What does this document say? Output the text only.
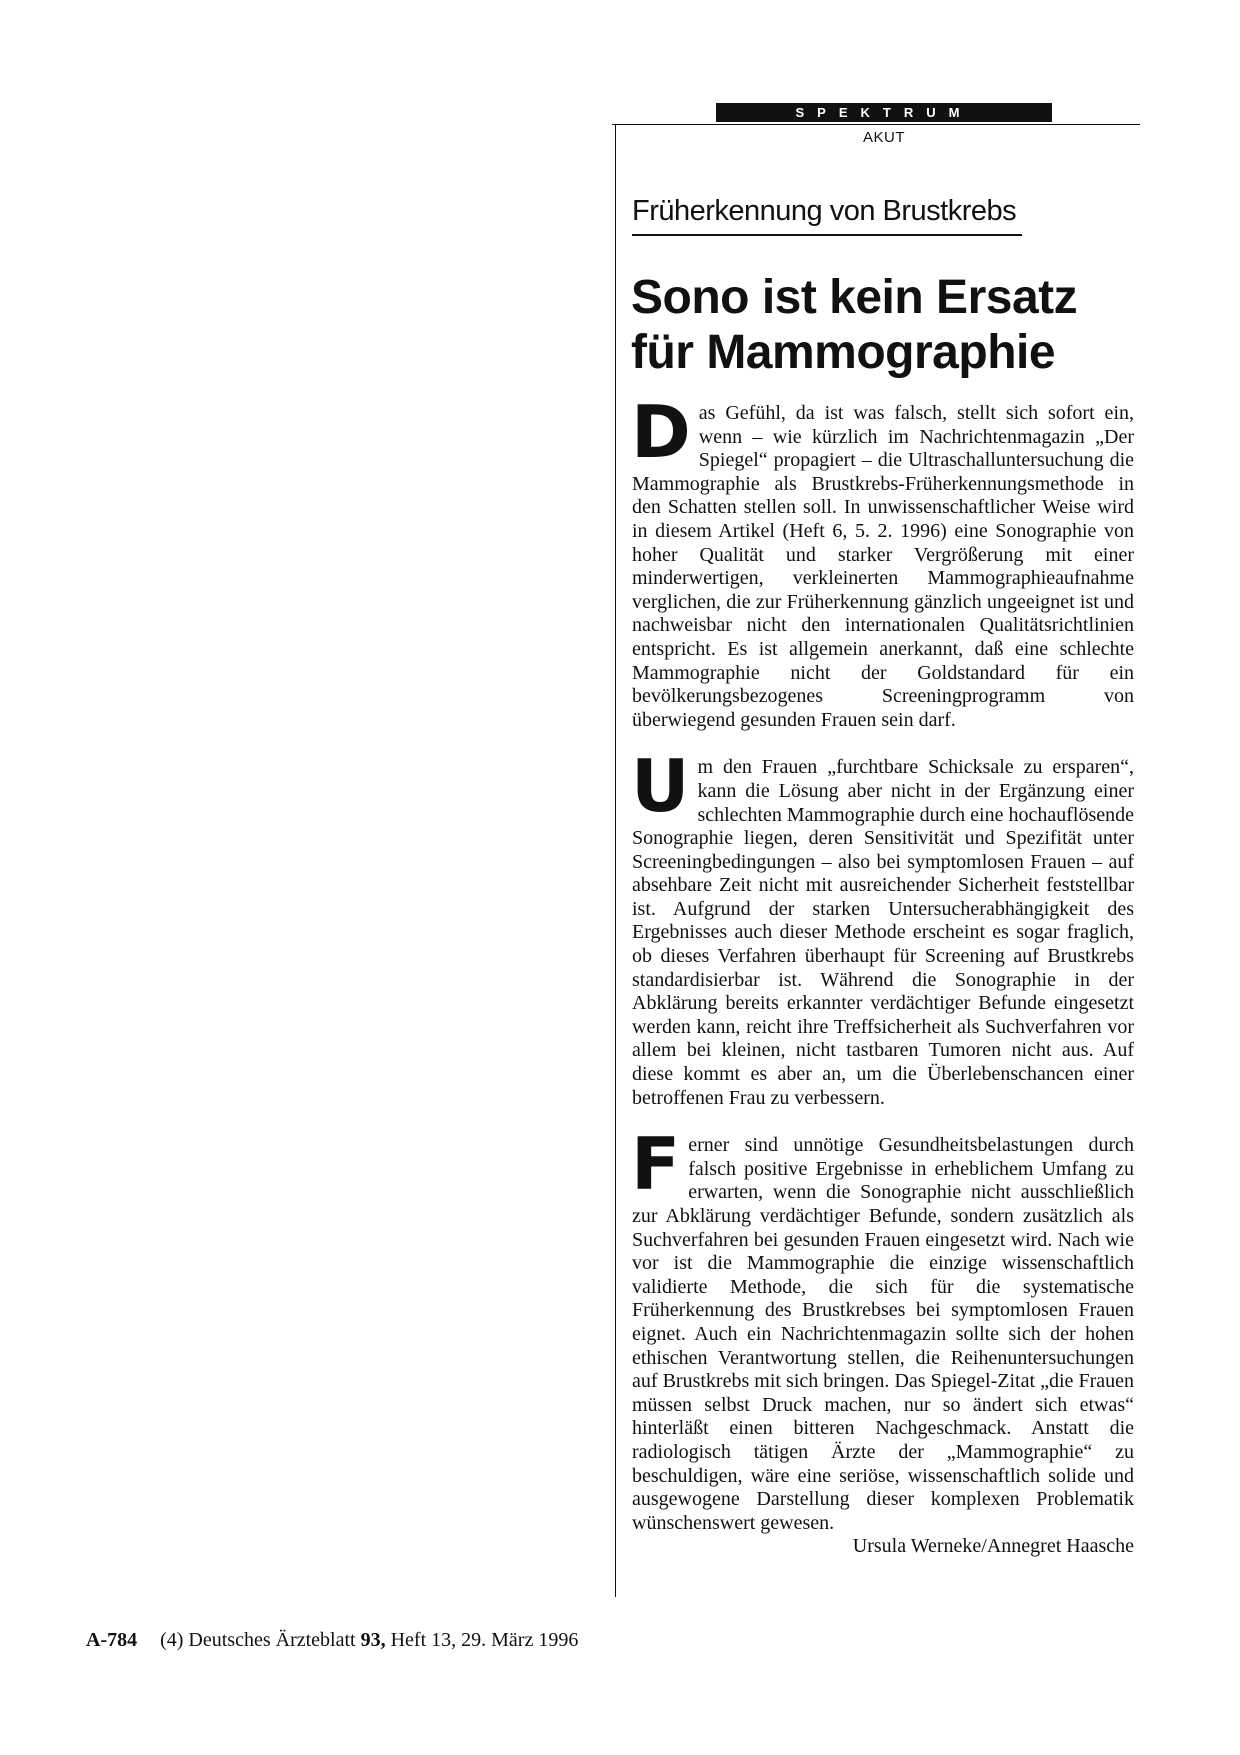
SPEKTRUM
AKUT
Früherkennung von Brustkrebs
Sono ist kein Ersatz
für Mammographie

Das Gefühl, da ist was falsch, stellt sich sofort ein, wenn – wie kürzlich im Nachrichtenmagazin „Der Spiegel“ propagiert – die Ultraschalluntersuchung die Mammographie als Brustkrebs-Früherkennungsmethode in den Schatten stellen soll. In unwissenschaftlicher Weise wird in diesem Artikel (Heft 6, 5. 2. 1996) eine Sonographie von hoher Qualität und starker Vergrößerung mit einer minderwertigen, verkleinerten Mammographieaufnahme verglichen, die zur Früherkennung gänzlich ungeeignet ist und nachweisbar nicht den internationalen Qualitätsrichtlinien entspricht. Es ist allgemein anerkannt, daß eine schlechte Mammographie nicht der Goldstandard für ein bevölkerungsbezogenes Screeningprogramm von überwiegend gesunden Frauen sein darf.

Um den Frauen „furchtbare Schicksale zu ersparen“, kann die Lösung aber nicht in der Ergänzung einer schlechten Mammographie durch eine hochauflösende Sonographie liegen, deren Sensitivität und Spezifität unter Screeningbedingungen – also bei symptomlosen Frauen – auf absehbare Zeit nicht mit ausreichender Sicherheit feststellbar ist. Aufgrund der starken Untersucherabhängigkeit des Ergebnisses auch dieser Methode erscheint es sogar fraglich, ob dieses Verfahren überhaupt für Screening auf Brustkrebs standardisierbar ist. Während die Sonographie in der Abklärung bereits erkannter verdächtiger Befunde eingesetzt werden kann, reicht ihre Treffsicherheit als Suchverfahren vor allem bei kleinen, nicht tastbaren Tumoren nicht aus. Auf diese kommt es aber an, um die Überlebenschancen einer betroffenen Frau zu verbessern.

Ferner sind unnötige Gesundheitsbelastungen durch falsch positive Ergebnisse in erheblichem Umfang zu erwarten, wenn die Sonographie nicht ausschließlich zur Abklärung verdächtiger Befunde, sondern zusätzlich als Suchverfahren bei gesunden Frauen eingesetzt wird. Nach wie vor ist die Mammographie die einzige wissenschaftlich validierte Methode, die sich für die systematische Früherkennung des Brustkrebses bei symptomlosen Frauen eignet. Auch ein Nachrichtenmagazin sollte sich der hohen ethischen Verantwortung stellen, die Reihenuntersuchungen auf Brustkrebs mit sich bringen. Das Spiegel-Zitat „die Frauen müssen selbst Druck machen, nur so ändert sich etwas“ hinterläßt einen bitteren Nachgeschmack. Anstatt die radiologisch tätigen Ärzte der „Mammographie“ zu beschuldigen, wäre eine seriöse, wissenschaftlich solide und ausgewogene Darstellung dieser komplexen Problematik wünschenswert gewesen.
Ursula Werneke/Annegret Haasche

A-784 (4) Deutsches Ärzteblatt 93, Heft 13, 29. März 1996
